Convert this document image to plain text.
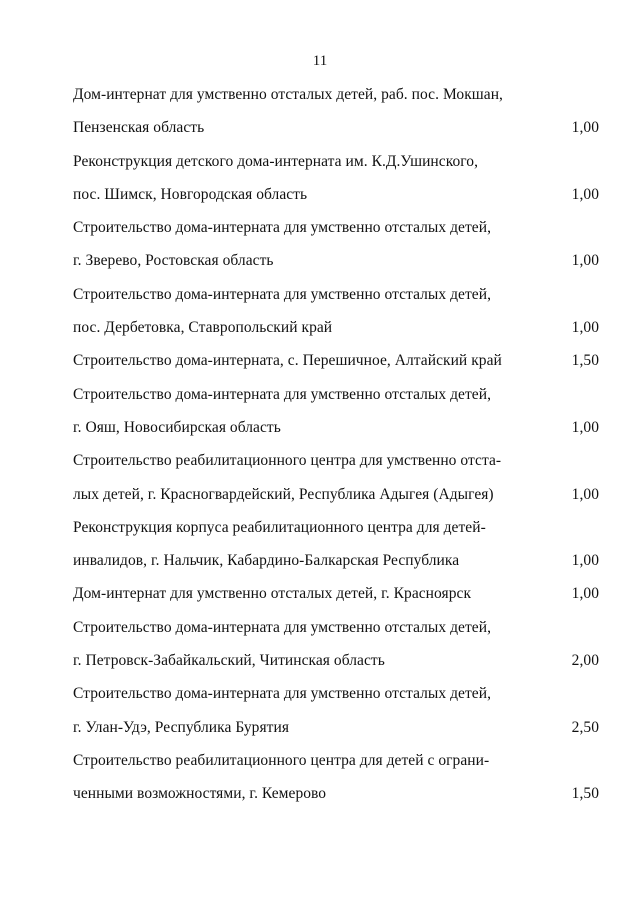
11
Дом-интернат для умственно отсталых детей, раб. пос. Мокшан,
Пензенская область	1,00
Реконструкция детского дома-интерната им. К.Д.Ушинского,
пос. Шимск, Новгородская область	1,00
Строительство дома-интерната для умственно отсталых детей,
г. Зверево, Ростовская область	1,00
Строительство дома-интерната для умственно отсталых детей,
пос. Дербетовка, Ставропольский край	1,00
Строительство дома-интерната, с. Перешичное, Алтайский край	1,50
Строительство дома-интерната для умственно отсталых детей,
г. Ояш, Новосибирская область	1,00
Строительство реабилитационного центра для умственно отста-
лых детей, г. Красногвардейский, Республика Адыгея (Адыгея)	1,00
Реконструкция корпуса реабилитационного центра для детей-
инвалидов, г. Нальчик, Кабардино-Балкарская Республика	1,00
Дом-интернат для умственно отсталых детей, г. Красноярск	1,00
Строительство дома-интерната для умственно отсталых детей,
г. Петровск-Забайкальский, Читинская область	2,00
Строительство дома-интерната для умственно отсталых детей,
г. Улан-Удэ, Республика Бурятия	2,50
Строительство реабилитационного центра для детей с ограни-
ченными возможностями, г. Кемерово	1,50
